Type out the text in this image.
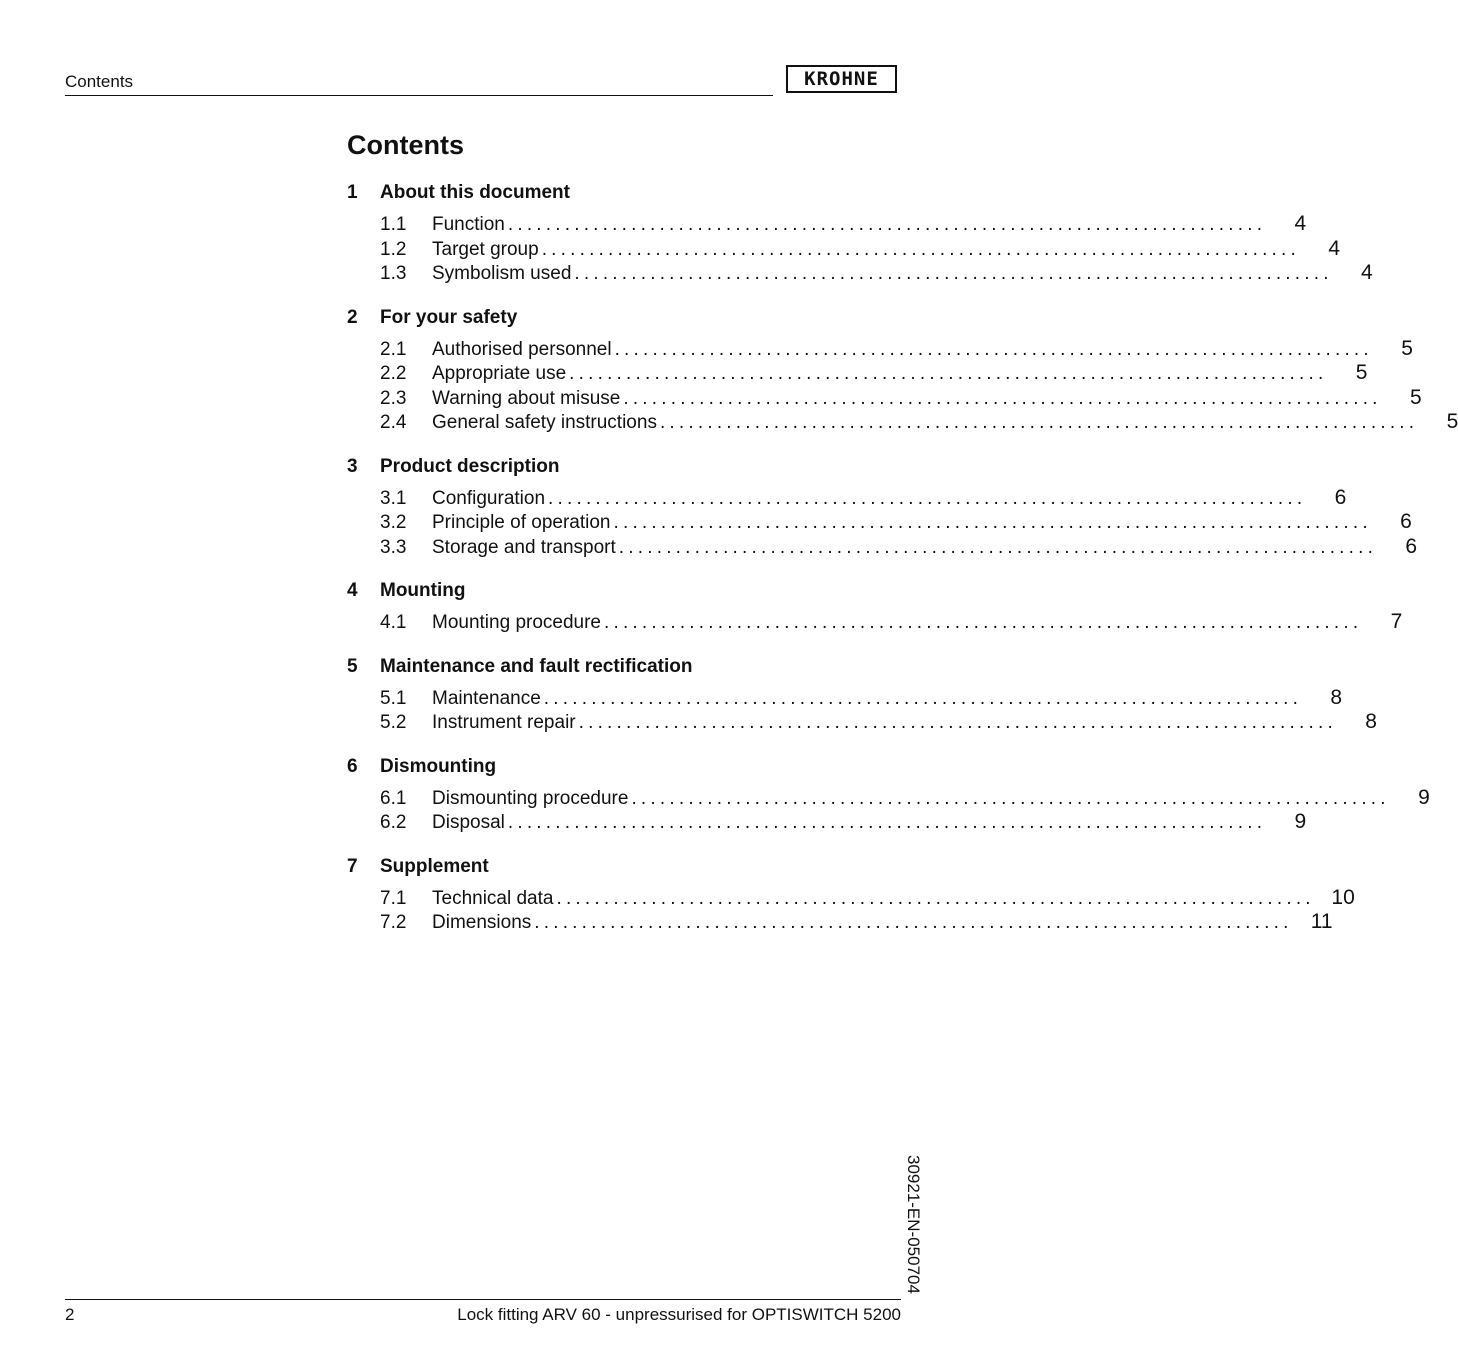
Contents	KROHNE
Contents
1	About this document
1.1	Function ................................................................................	4
1.2	Target group ................................................................................	4
1.3	Symbolism used ................................................................................	4
2	For your safety
2.1	Authorised personnel ................................................................................	5
2.2	Appropriate use ................................................................................	5
2.3	Warning about misuse ................................................................................	5
2.4	General safety instructions ................................................................................	5
3	Product description
3.1	Configuration ................................................................................	6
3.2	Principle of operation ................................................................................	6
3.3	Storage and transport ................................................................................	6
4	Mounting
4.1	Mounting procedure ................................................................................	7
5	Maintenance and fault rectification
5.1	Maintenance ................................................................................	8
5.2	Instrument repair ................................................................................	8
6	Dismounting
6.1	Dismounting procedure ................................................................................	9
6.2	Disposal ................................................................................	9
7	Supplement
7.1	Technical data ................................................................................ 10
7.2	Dimensions ................................................................................ 11
30921-EN-050704
2	Lock fitting ARV 60 - unpressurised for OPTISWITCH 5200
